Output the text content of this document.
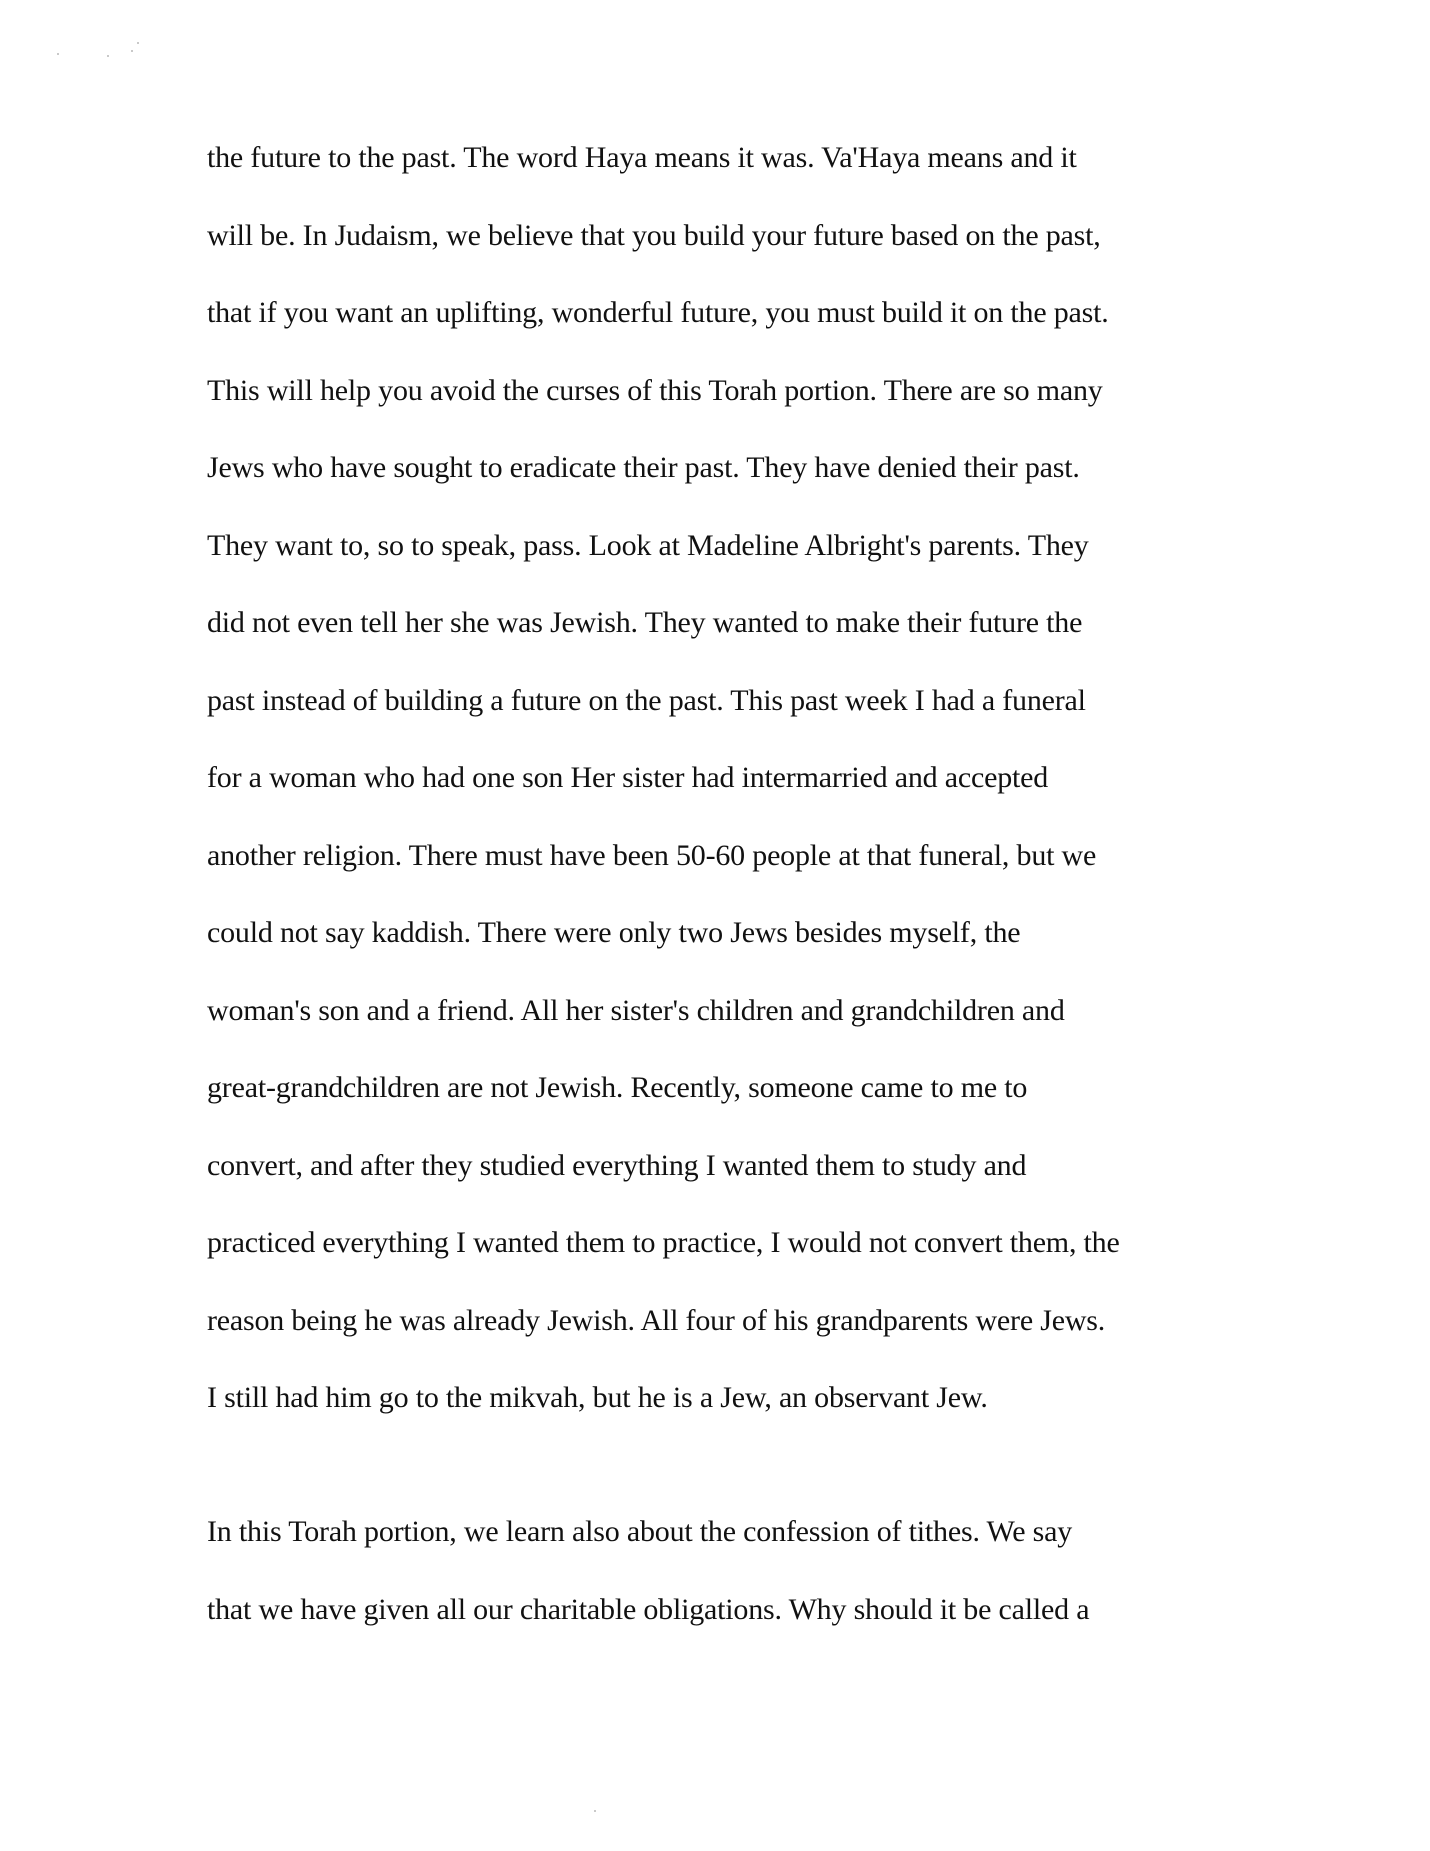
the future to the past. The word Haya means it was. Va'Haya means and it
will be. In Judaism, we believe that you build your future based on the past,
that if you want an uplifting, wonderful future, you must build it on the past.
This will help you avoid the curses of this Torah portion. There are so many
Jews who have sought to eradicate their past. They have denied their past.
They want to, so to speak, pass. Look at Madeline Albright's parents. They
did not even tell her she was Jewish. They wanted to make their future the
past instead of building a future on the past. This past week I had a funeral
for a woman who had one son Her sister had intermarried and accepted
another religion. There must have been 50-60 people at that funeral, but we
could not say kaddish. There were only two Jews besides myself, the
woman's son and a friend. All her sister's children and grandchildren and
great-grandchildren are not Jewish. Recently, someone came to me to
convert, and after they studied everything I wanted them to study and
practiced everything I wanted them to practice, I would not convert them, the
reason being he was already Jewish. All four of his grandparents were Jews.
I still had him go to the mikvah, but he is a Jew, an observant Jew.
In this Torah portion, we learn also about the confession of tithes. We say
that we have given all our charitable obligations. Why should it be called a
